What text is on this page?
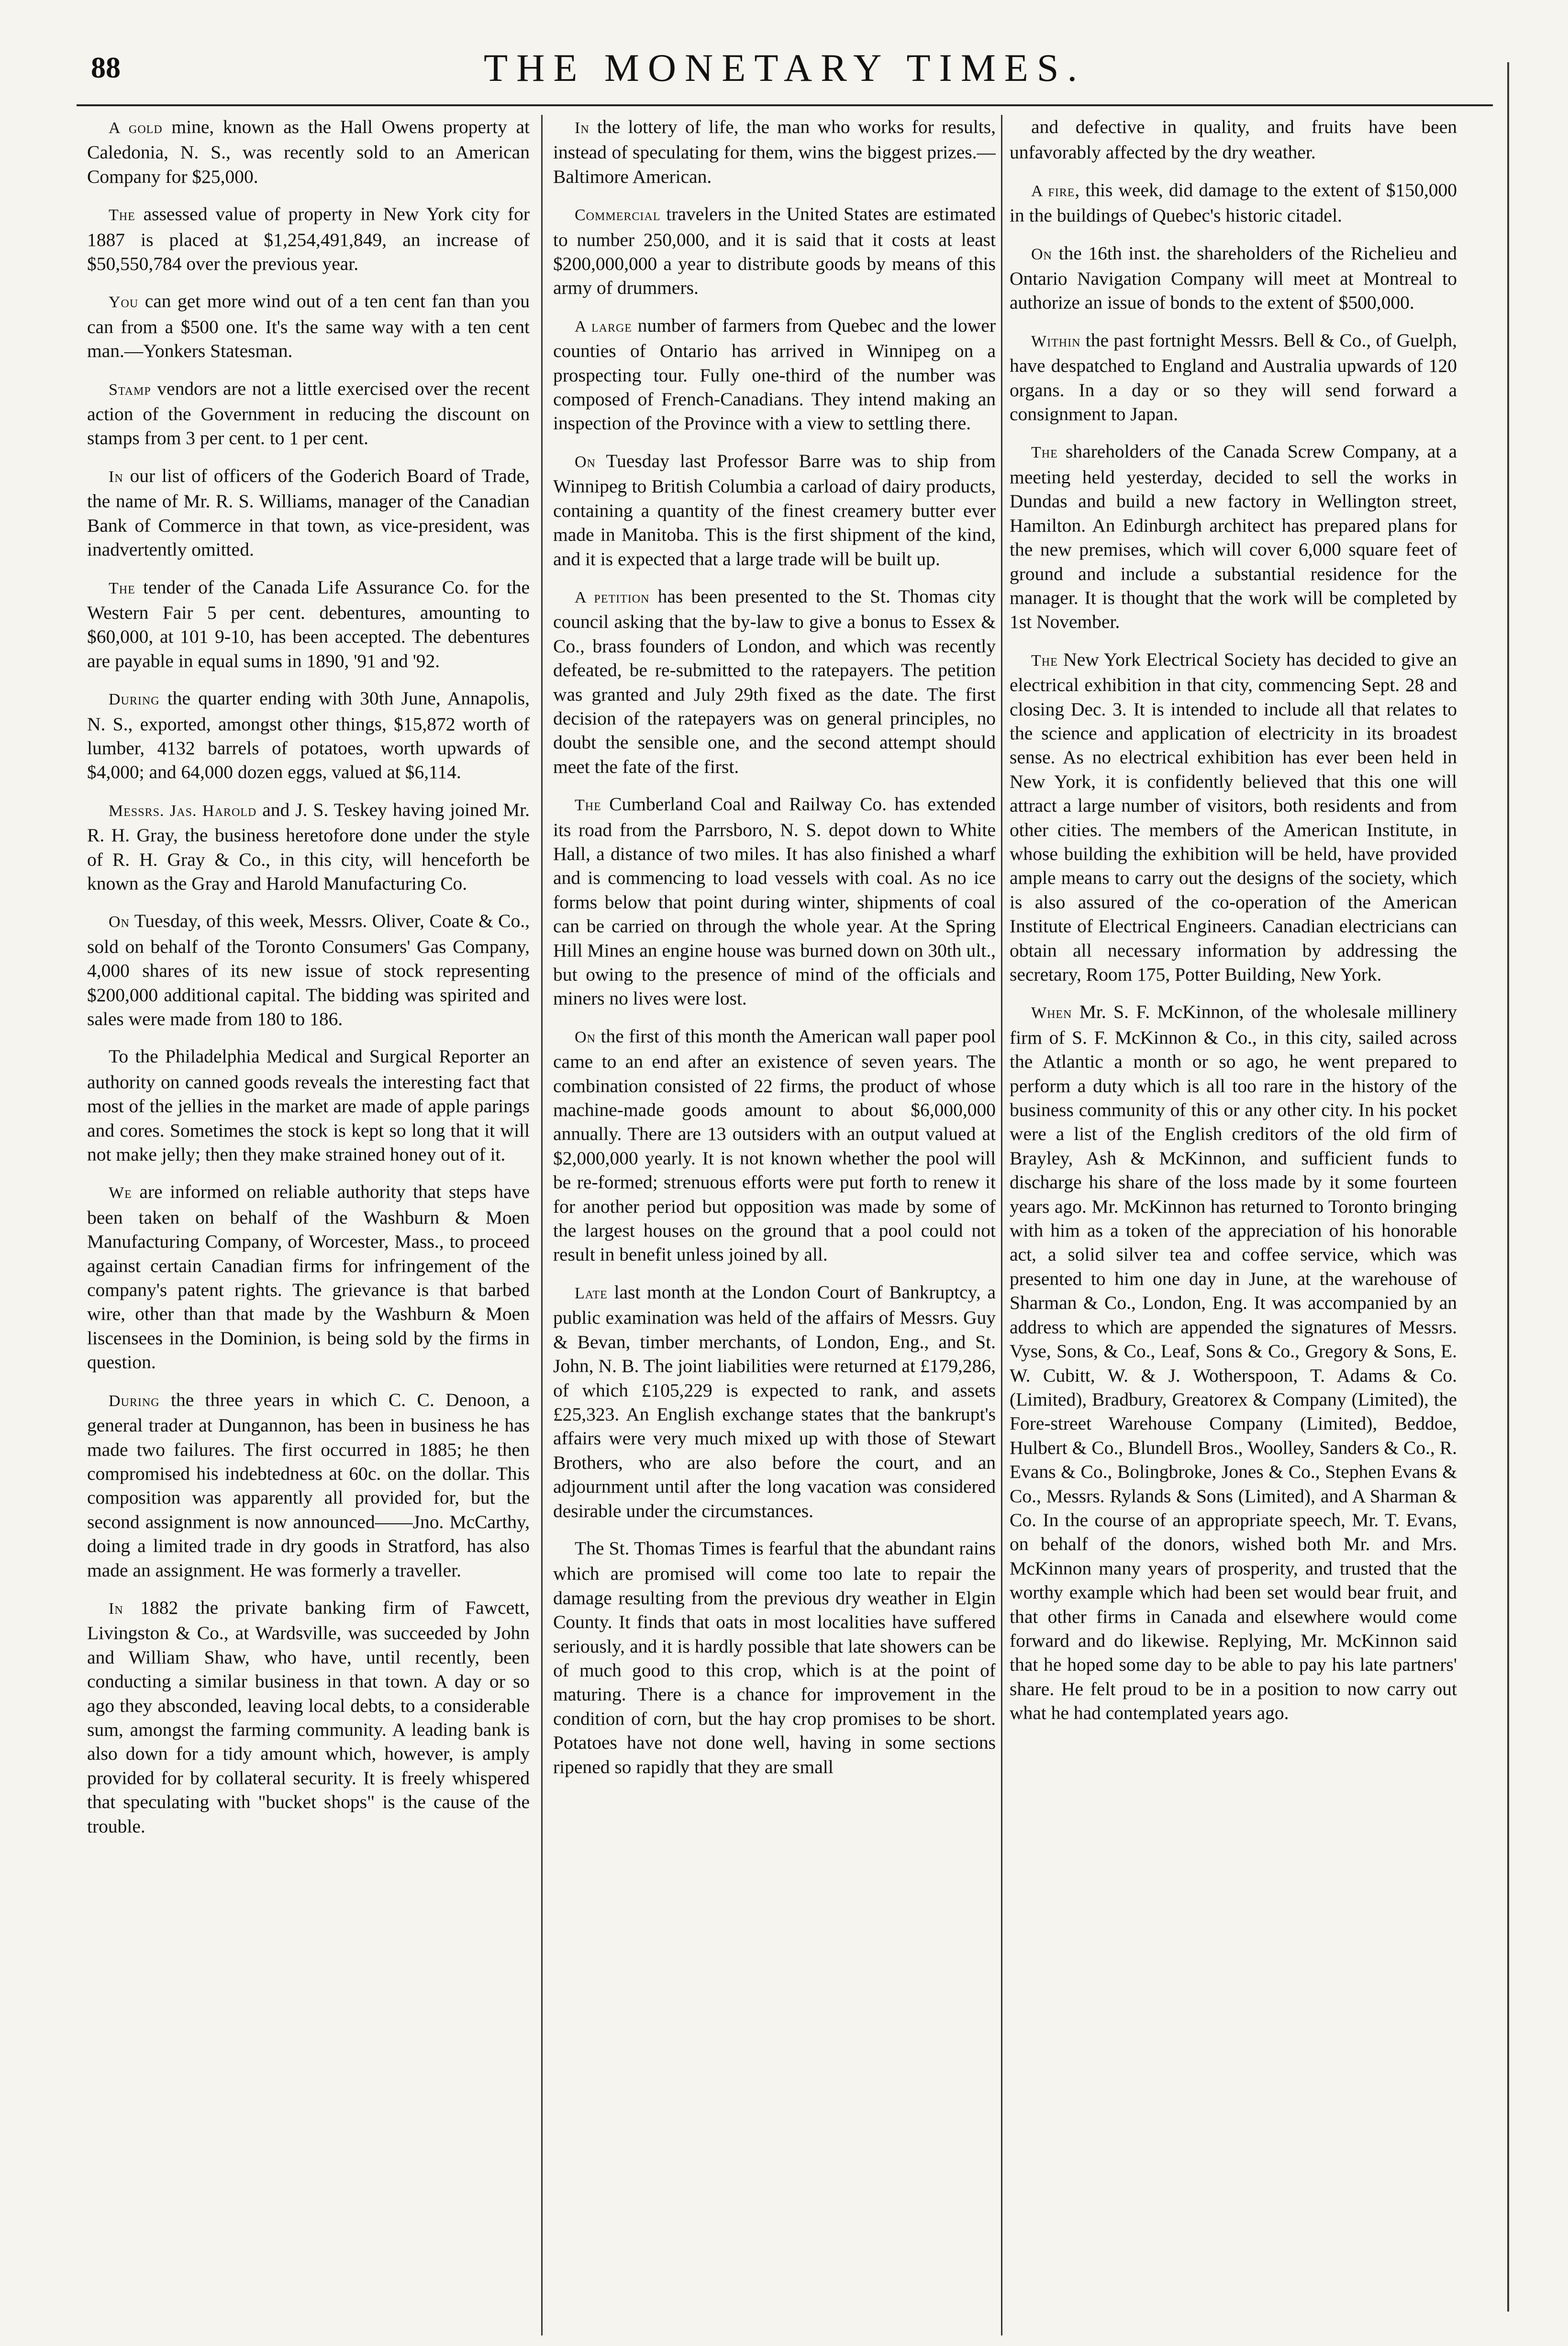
88	THE MONETARY TIMES.

A gold mine, known as the Hall Owens property at Caledonia, N. S., was recently sold to an American Company for $25,000.

The assessed value of property in New York city for 1887 is placed at $1,254,491,849, an increase of $50,550,784 over the previous year.

You can get more wind out of a ten cent fan than you can from a $500 one. It's the same way with a ten cent man.—Yonkers Statesman.

Stamp vendors are not a little exercised over the recent action of the Government in reducing the discount on stamps from 3 per cent. to 1 per cent.

In our list of officers of the Goderich Board of Trade, the name of Mr. R. S. Williams, manager of the Canadian Bank of Commerce in that town, as vice-president, was inadvertently omitted.

The tender of the Canada Life Assurance Co. for the Western Fair 5 per cent. debentures, amounting to $60,000, at 101 9-10, has been accepted. The debentures are payable in equal sums in 1890, '91 and '92.

During the quarter ending with 30th June, Annapolis, N. S., exported, amongst other things, $15,872 worth of lumber, 4132 barrels of potatoes, worth upwards of $4,000; and 64,000 dozen eggs, valued at $6,114.

Messrs. Jas. Harold and J. S. Teskey having joined Mr. R. H. Gray, the business heretofore done under the style of R. H. Gray & Co., in this city, will henceforth be known as the Gray and Harold Manufacturing Co.

On Tuesday, of this week, Messrs. Oliver, Coate & Co., sold on behalf of the Toronto Consumers' Gas Company, 4,000 shares of its new issue of stock representing $200,000 additional capital. The bidding was spirited and sales were made from 180 to 186.

To the Philadelphia Medical and Surgical Reporter an authority on canned goods reveals the interesting fact that most of the jellies in the market are made of apple parings and cores. Sometimes the stock is kept so long that it will not make jelly; then they make strained honey out of it.

We are informed on reliable authority that steps have been taken on behalf of the Washburn & Moen Manufacturing Company, of Worcester, Mass., to proceed against certain Canadian firms for infringement of the company's patent rights. The grievance is that barbed wire, other than that made by the Washburn & Moen liscensees in the Dominion, is being sold by the firms in question.

During the three years in which C. C. Denoon, a general trader at Dungannon, has been in business he has made two failures. The first occurred in 1885; he then compromised his indebtedness at 60c. on the dollar. This composition was apparently all provided for, but the second assignment is now announced——Jno. McCarthy, doing a limited trade in dry goods in Stratford, has also made an assignment. He was formerly a traveller.

In 1882 the private banking firm of Fawcett, Livingston & Co., at Wardsville, was succeeded by John and William Shaw, who have, until recently, been conducting a similar business in that town. A day or so ago they absconded, leaving local debts, to a considerable sum, amongst the farming community. A leading bank is also down for a tidy amount which, however, is amply provided for by collateral security. It is freely whispered that speculating with "bucket shops" is the cause of the trouble.

In the lottery of life, the man who works for results, instead of speculating for them, wins the biggest prizes.—Baltimore American.

Commercial travelers in the United States are estimated to number 250,000, and it is said that it costs at least $200,000,000 a year to distribute goods by means of this army of drummers.

A large number of farmers from Quebec and the lower counties of Ontario has arrived in Winnipeg on a prospecting tour. Fully one-third of the number was composed of French-Canadians. They intend making an inspection of the Province with a view to settling there.

On Tuesday last Professor Barre was to ship from Winnipeg to British Columbia a carload of dairy products, containing a quantity of the finest creamery butter ever made in Manitoba. This is the first shipment of the kind, and it is expected that a large trade will be built up.

A petition has been presented to the St. Thomas city council asking that the by-law to give a bonus to Essex & Co., brass founders of London, and which was recently defeated, be re-submitted to the ratepayers. The petition was granted and July 29th fixed as the date. The first decision of the ratepayers was on general principles, no doubt the sensible one, and the second attempt should meet the fate of the first.

The Cumberland Coal and Railway Co. has extended its road from the Parrsboro, N. S. depot down to White Hall, a distance of two miles. It has also finished a wharf and is commencing to load vessels with coal. As no ice forms below that point during winter, shipments of coal can be carried on through the whole year. At the Spring Hill Mines an engine house was burned down on 30th ult., but owing to the presence of mind of the officials and miners no lives were lost.

On the first of this month the American wall paper pool came to an end after an existence of seven years. The combination consisted of 22 firms, the product of whose machine-made goods amount to about $6,000,000 annually. There are 13 outsiders with an output valued at $2,000,000 yearly. It is not known whether the pool will be re-formed; strenuous efforts were put forth to renew it for another period but opposition was made by some of the largest houses on the ground that a pool could not result in benefit unless joined by all.

Late last month at the London Court of Bankruptcy, a public examination was held of the affairs of Messrs. Guy & Bevan, timber merchants, of London, Eng., and St. John, N. B. The joint liabilities were returned at £179,286, of which £105,229 is expected to rank, and assets £25,323. An English exchange states that the bankrupt's affairs were very much mixed up with those of Stewart Brothers, who are also before the court, and an adjournment until after the long vacation was considered desirable under the circumstances.

The St. Thomas Times is fearful that the abundant rains which are promised will come too late to repair the damage resulting from the previous dry weather in Elgin County. It finds that oats in most localities have suffered seriously, and it is hardly possible that late showers can be of much good to this crop, which is at the point of maturing. There is a chance for improvement in the condition of corn, but the hay crop promises to be short. Potatoes have not done well, having in some sections ripened so rapidly that they are small

and defective in quality, and fruits have been unfavorably affected by the dry weather.

A fire, this week, did damage to the extent of $150,000 in the buildings of Quebec's historic citadel.

On the 16th inst. the shareholders of the Richelieu and Ontario Navigation Company will meet at Montreal to authorize an issue of bonds to the extent of $500,000.

Within the past fortnight Messrs. Bell & Co., of Guelph, have despatched to England and Australia upwards of 120 organs. In a day or so they will send forward a consignment to Japan.

The shareholders of the Canada Screw Company, at a meeting held yesterday, decided to sell the works in Dundas and build a new factory in Wellington street, Hamilton. An Edinburgh architect has prepared plans for the new premises, which will cover 6,000 square feet of ground and include a substantial residence for the manager. It is thought that the work will be completed by 1st November.

The New York Electrical Society has decided to give an electrical exhibition in that city, commencing Sept. 28 and closing Dec. 3. It is intended to include all that relates to the science and application of electricity in its broadest sense. As no electrical exhibition has ever been held in New York, it is confidently believed that this one will attract a large number of visitors, both residents and from other cities. The members of the American Institute, in whose building the exhibition will be held, have provided ample means to carry out the designs of the society, which is also assured of the co-operation of the American Institute of Electrical Engineers. Canadian electricians can obtain all necessary information by addressing the secretary, Room 175, Potter Building, New York.

When Mr. S. F. McKinnon, of the wholesale millinery firm of S. F. McKinnon & Co., in this city, sailed across the Atlantic a month or so ago, he went prepared to perform a duty which is all too rare in the history of the business community of this or any other city. In his pocket were a list of the English creditors of the old firm of Brayley, Ash & McKinnon, and sufficient funds to discharge his share of the loss made by it some fourteen years ago. Mr. McKinnon has returned to Toronto bringing with him as a token of the appreciation of his honorable act, a solid silver tea and coffee service, which was presented to him one day in June, at the warehouse of Sharman & Co., London, Eng. It was accompanied by an address to which are appended the signatures of Messrs. Vyse, Sons, & Co., Leaf, Sons & Co., Gregory & Sons, E. W. Cubitt, W. & J. Wotherspoon, T. Adams & Co. (Limited), Bradbury, Greatorex & Company (Limited), the Fore-street Warehouse Company (Limited), Beddoe, Hulbert & Co., Blundell Bros., Woolley, Sanders & Co., R. Evans & Co., Bolingbroke, Jones & Co., Stephen Evans & Co., Messrs. Rylands & Sons (Limited), and A Sharman & Co. In the course of an appropriate speech, Mr. T. Evans, on behalf of the donors, wished both Mr. and Mrs. McKinnon many years of prosperity, and trusted that the worthy example which had been set would bear fruit, and that other firms in Canada and elsewhere would come forward and do likewise. Replying, Mr. McKinnon said that he hoped some day to be able to pay his late partners' share. He felt proud to be in a position to now carry out what he had contemplated years ago.
